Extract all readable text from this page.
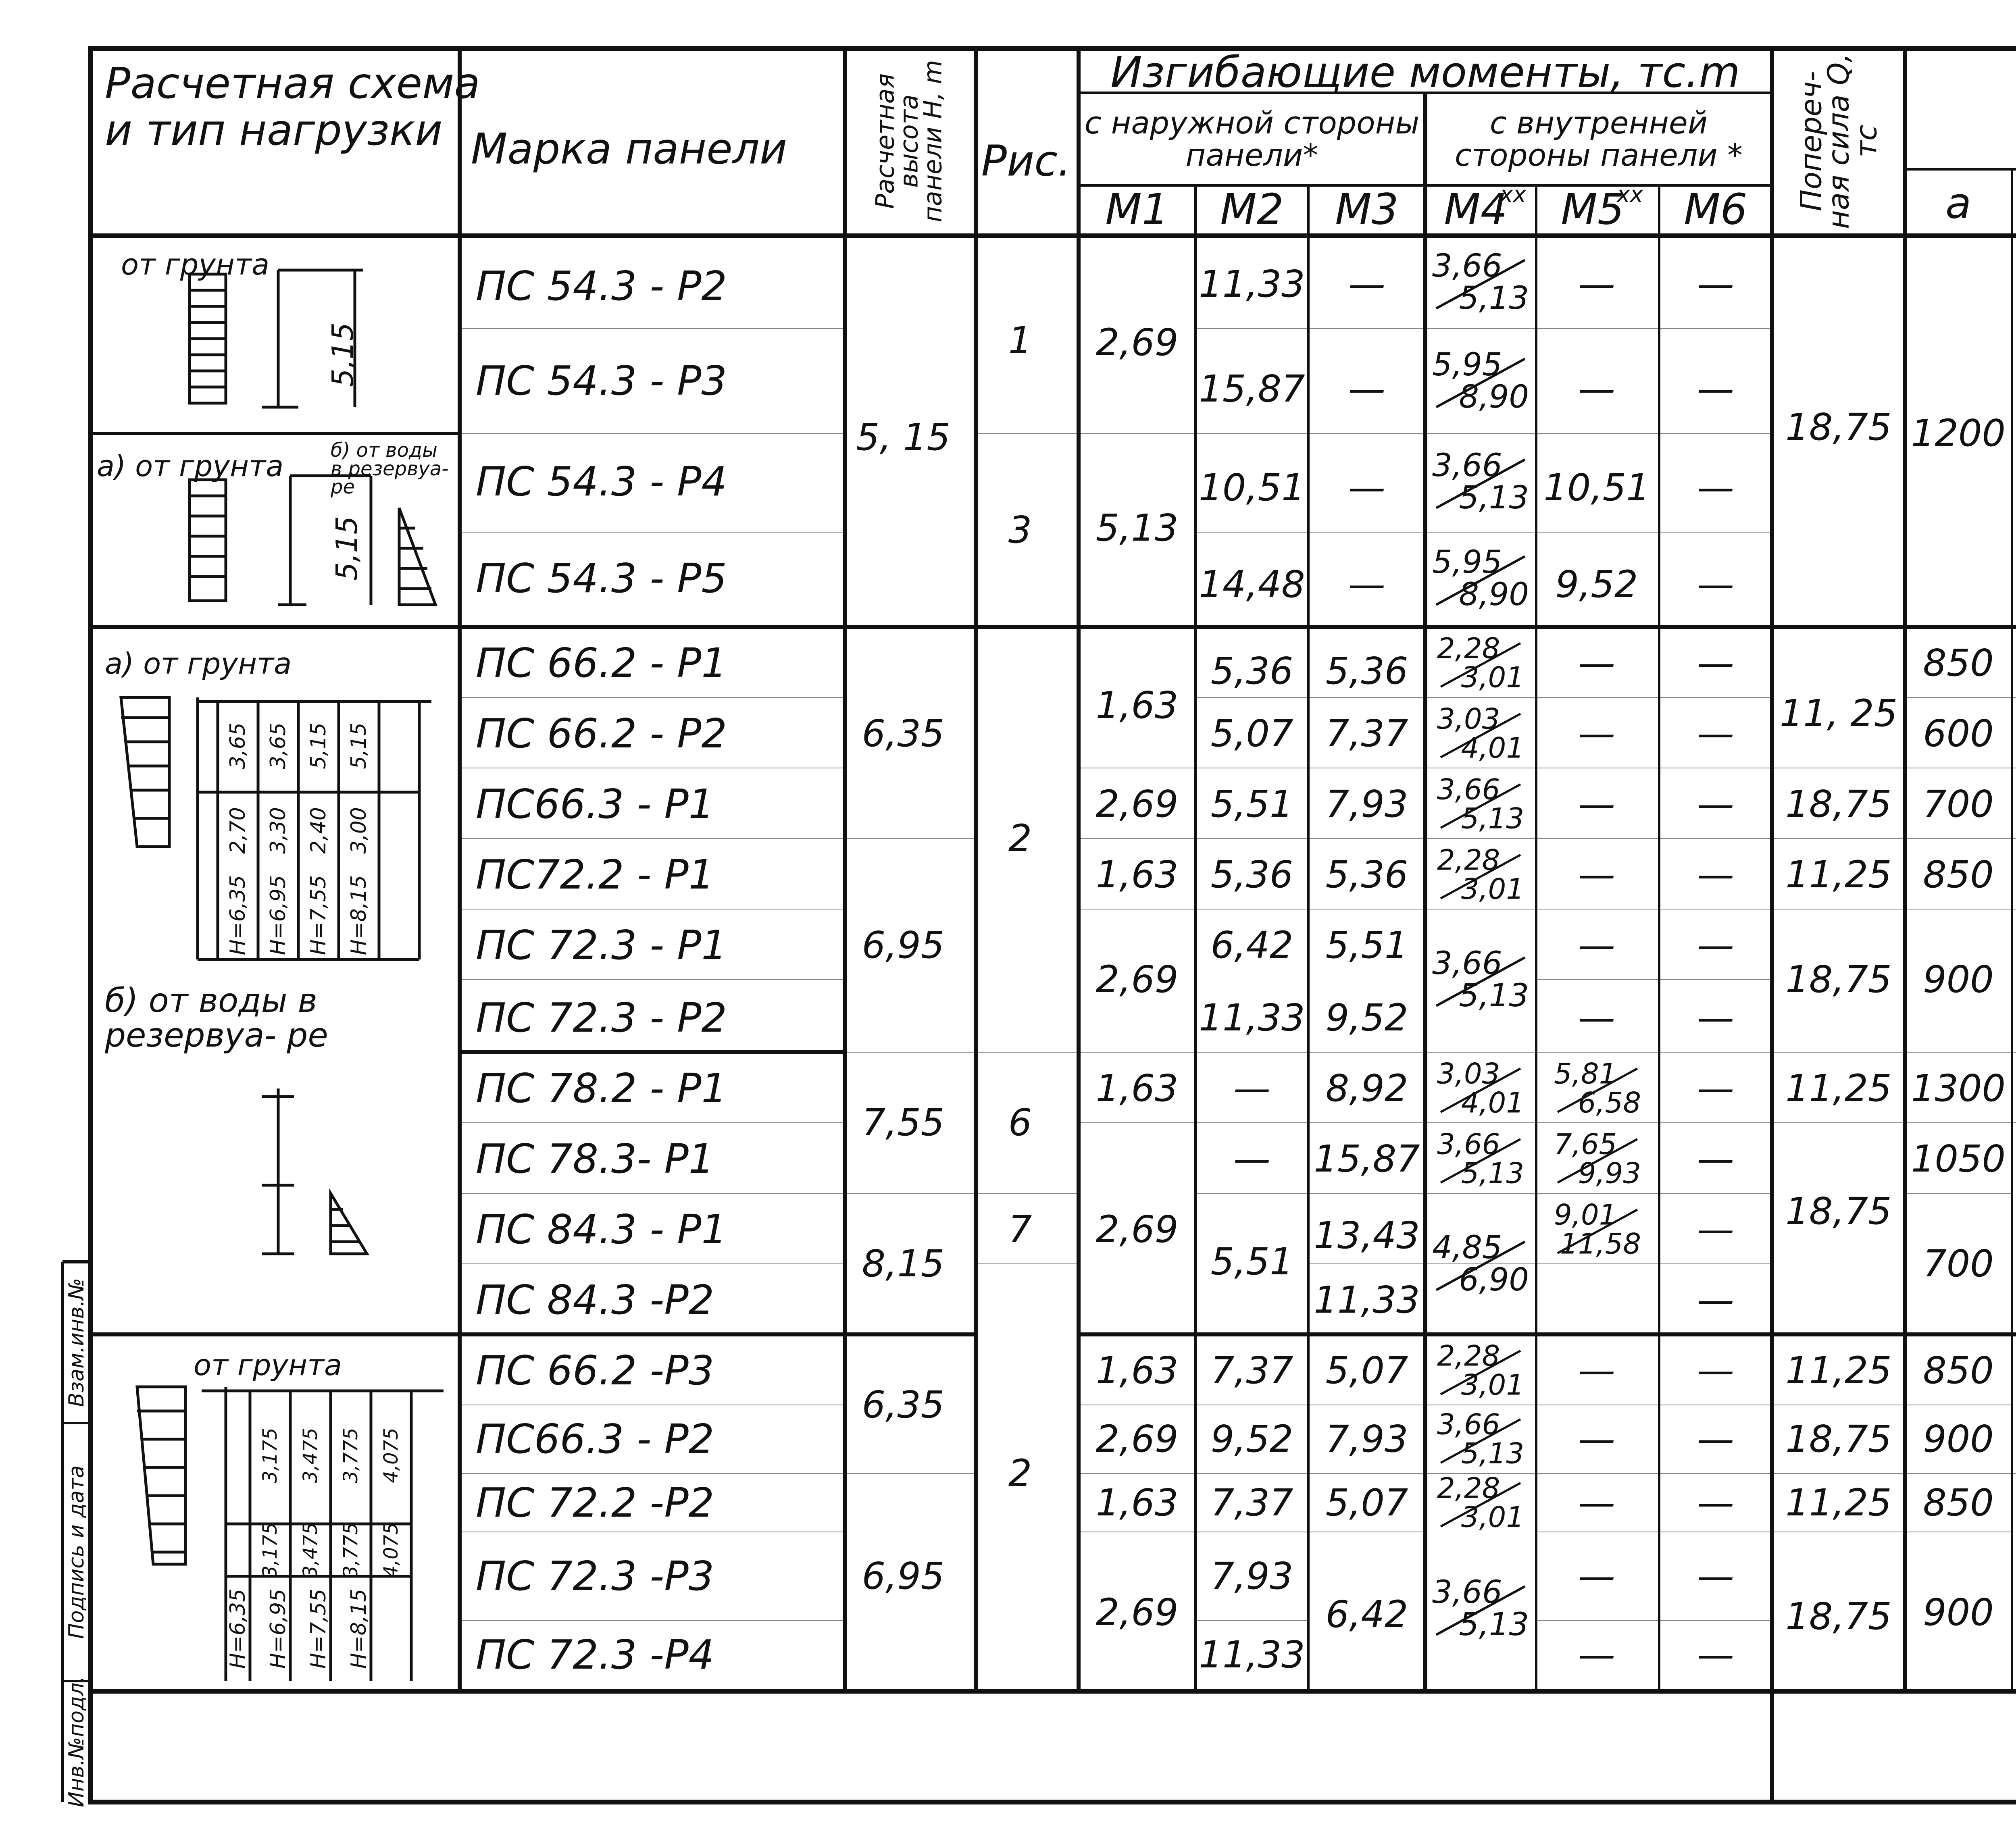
Расчетная схема
и тип нагрузки Марка панели	Расчетная высота панели H, m Рис.
Изгибающие моменты, тс.m
с наружной стороны панели*
с внутренней стороны панели *
M1 M2 M3 M4
xx M5
xx M6 Попереч- ная сила Q, тс
а
от грунта
5,15
а) от грунта б) от воды в резервуа- ре
5,15
а) от грунта
б) от воды в резервуа- ре
3,65 3,65 5,15 5,15
2,70 3,30 2,40 3,00
H=6,35 H=6,95 H=7,55 H=8,15
от грунта
3,175 3,475 3,775 4,075
3,175 3,475 3,775 4,075
H=6,35 H=6,95 H=7,55 H=8,15
ПС 54.3 - Р2
ПС 54.3 - Р3
ПС 54.3 - Р4
ПС 54.3 - Р5
ПС 66.2 - Р1
ПС 66.2 - Р2
ПС66.3 - Р1
ПС72.2 - Р1
ПС 72.3 - Р1
ПС 72.3 - Р2
ПС 78.2 - Р1
ПС 78.3- Р1
ПС 84.3 - Р1
ПС 84.3 -Р2
ПС 66.2 -Р3
ПС66.3 - Р2
ПС 72.2 -Р2
ПС 72.3 -Р3
ПС 72.3 -Р4
5, 15
6,35
6,95
7,55
8,15
6,35
6,95
1
3
2
6
7
2
2,69
5,13
1,63
2,69
1,63
2,69
1,63
2,69
1,63
2,69
1,63
2,69
11,33
15,87
10,51
14,48
5,36
5,07
5,51
5,36
6,42
11,33
—
—
5,51
7,37
9,52
7,37
7,93
11,33
—
—
—
—
5,36
7,37
7,93
5,36
5,51
9,52
8,92
15,87
13,43
11,33
5,07
7,93
5,07
6,42
3,66
5,13
5,95
8,90
3,66
5,13
5,95
8,90
2,28
3,01
3,03
4,01
3,66
5,13
2,28
3,01
3,66
5,13
3,03
4,01
3,66
5,13
4,85
6,90
2,28
3,01
3,66
5,13
2,28
3,01
3,66
5,13
—
—
10,51
9,52
—
—
—
—
—
—
5,81
6,58
7,65
9,93
9,01
11,58
—
—
—
—
—
—
—
—
—
—
—
—
—
—
—
—
—
—
—
—
—
—
—
—
18,75
11, 25
18,75
11,25
18,75
11,25
18,75
11,25
18,75
11,25
18,75
1200
850
600
700
850
900
1300
1050
700
850
900
850
900
Инв.№подл.
Подпись и дата
Взам.инв.№
